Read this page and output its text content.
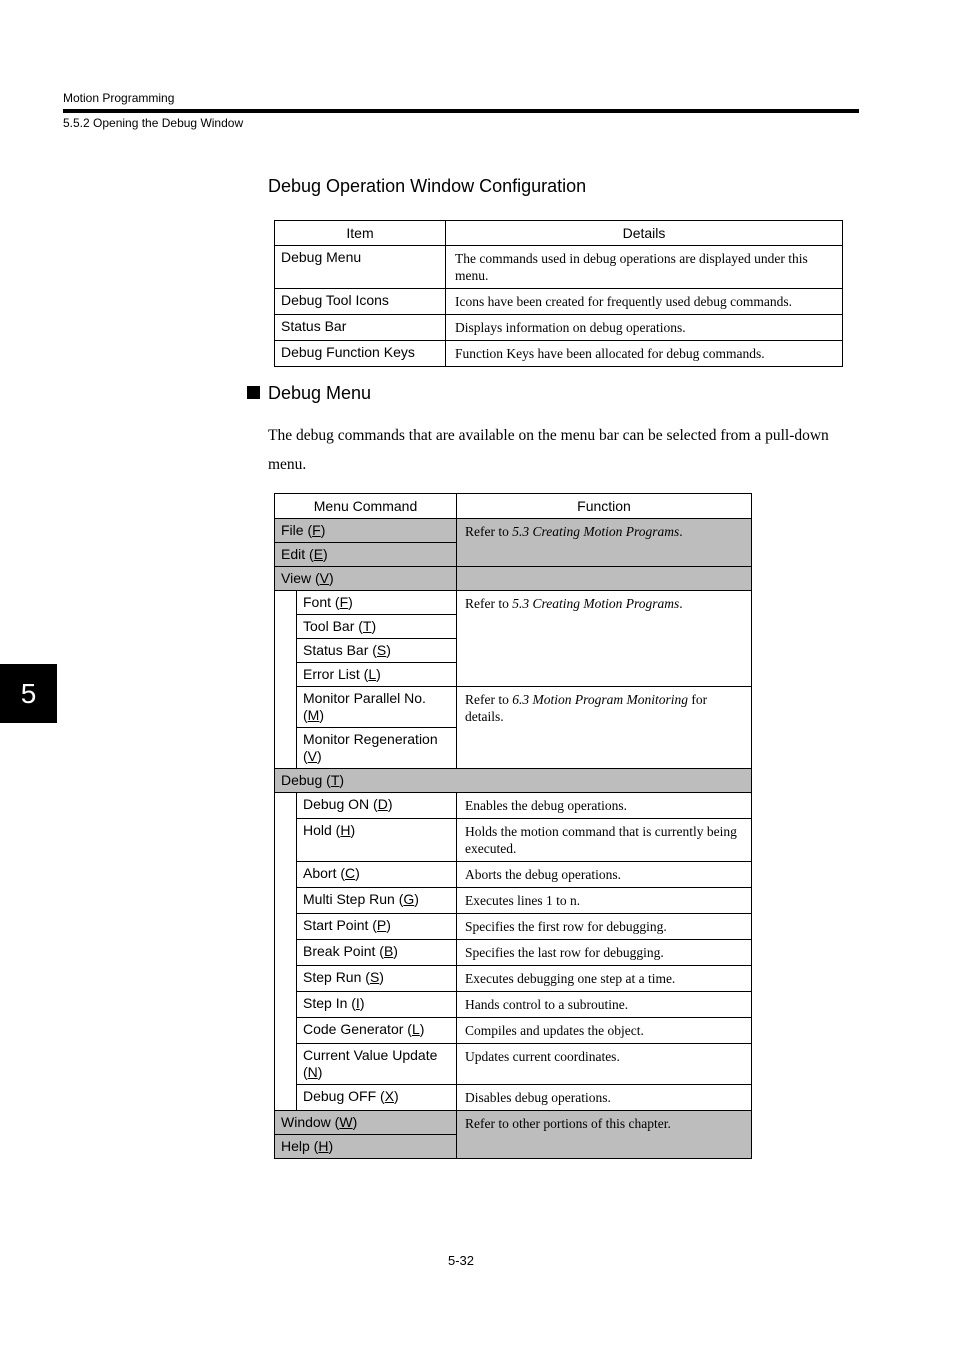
Motion Programming
5.5.2 Opening the Debug Window
Debug Operation Window Configuration
Item	Details
Debug Menu	The commands used in debug operations are displayed under this menu.
Debug Tool Icons	Icons have been created for frequently used debug commands.
Status Bar	Displays information on debug operations.
Debug Function Keys	Function Keys have been allocated for debug commands.
Debug Menu
The debug commands that are available on the menu bar can be selected from a pull-down menu.
Menu Command		Function
File (F)		Refer to 5.3 Creating Motion Programs.
Edit (E)		
View (V)		
	Font (F)	Refer to 5.3 Creating Motion Programs.
	Tool Bar (T)	
	Status Bar (S)	
	Error List (L)	
	Monitor Parallel No. (M)	Refer to 6.3 Motion Program Monitoring for details.
	Monitor Regeneration (V)	
Debug (T)		
	Debug ON (D)	Enables the debug operations.
	Hold (H)	Holds the motion command that is currently being executed.
	Abort (C)	Aborts the debug operations.
	Multi Step Run (G)	Executes lines 1 to n.
	Start Point (P)	Specifies the first row for debugging.
	Break Point (B)	Specifies the last row for debugging.
	Step Run (S)	Executes debugging one step at a time.
	Step In (I)	Hands control to a subroutine.
	Code Generator (L)	Compiles and updates the object.
	Current Value Update (N)	Updates current coordinates.
	Debug OFF (X)	Disables debug operations.
Window (W)		Refer to other portions of this chapter.
Help (H)		
5
5-32
